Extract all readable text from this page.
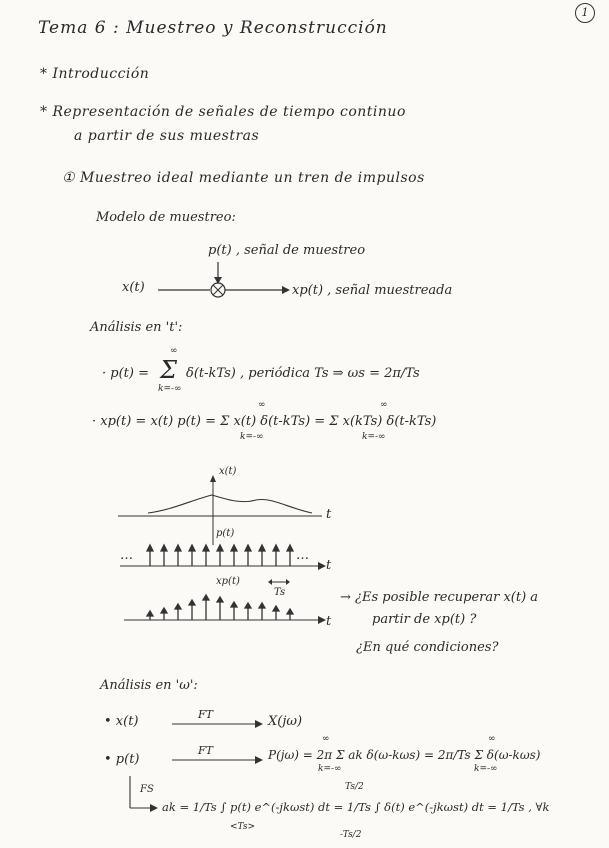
1
Tema 6 : Muestreo y Reconstrucción
* Introducción
* Representación de señales de tiempo continuo
a partir de sus muestras
① Muestreo ideal mediante un tren de impulsos
Modelo de muestreo:
p(t) , señal de muestreo
x(t)	xp(t) , señal muestreada
Análisis en 't':
· p(t) =
∞
Σ
k=-∞
δ(t-kTs) , periódica Ts ⇒ ωs = 2π/Ts
· xp(t) = x(t) p(t) = Σ x(t) δ(t-kTs) = Σ x(kTs) δ(t-kTs)
∞
k=-∞
∞
k=-∞
x(t)
t
p(t)
…	…
t
xp(t)
Ts
t
→ ¿Es posible recuperar x(t) a
partir de xp(t) ?
¿En qué condiciones?
Análisis en 'ω':
• x(t)	FT	X(jω)
• p(t)
FT	P(jω) = 2π Σ ak δ(ω-kωs) = 2π/Ts Σ δ(ω-kωs)
∞
k=-∞
∞
k=-∞
FS
ak = 1/Ts ∫ p(t) e^(-jkωst) dt = 1/Ts ∫ δ(t) e^(-jkωst) dt = 1/Ts , ∀k
<Ts>
Ts/2
-Ts/2
